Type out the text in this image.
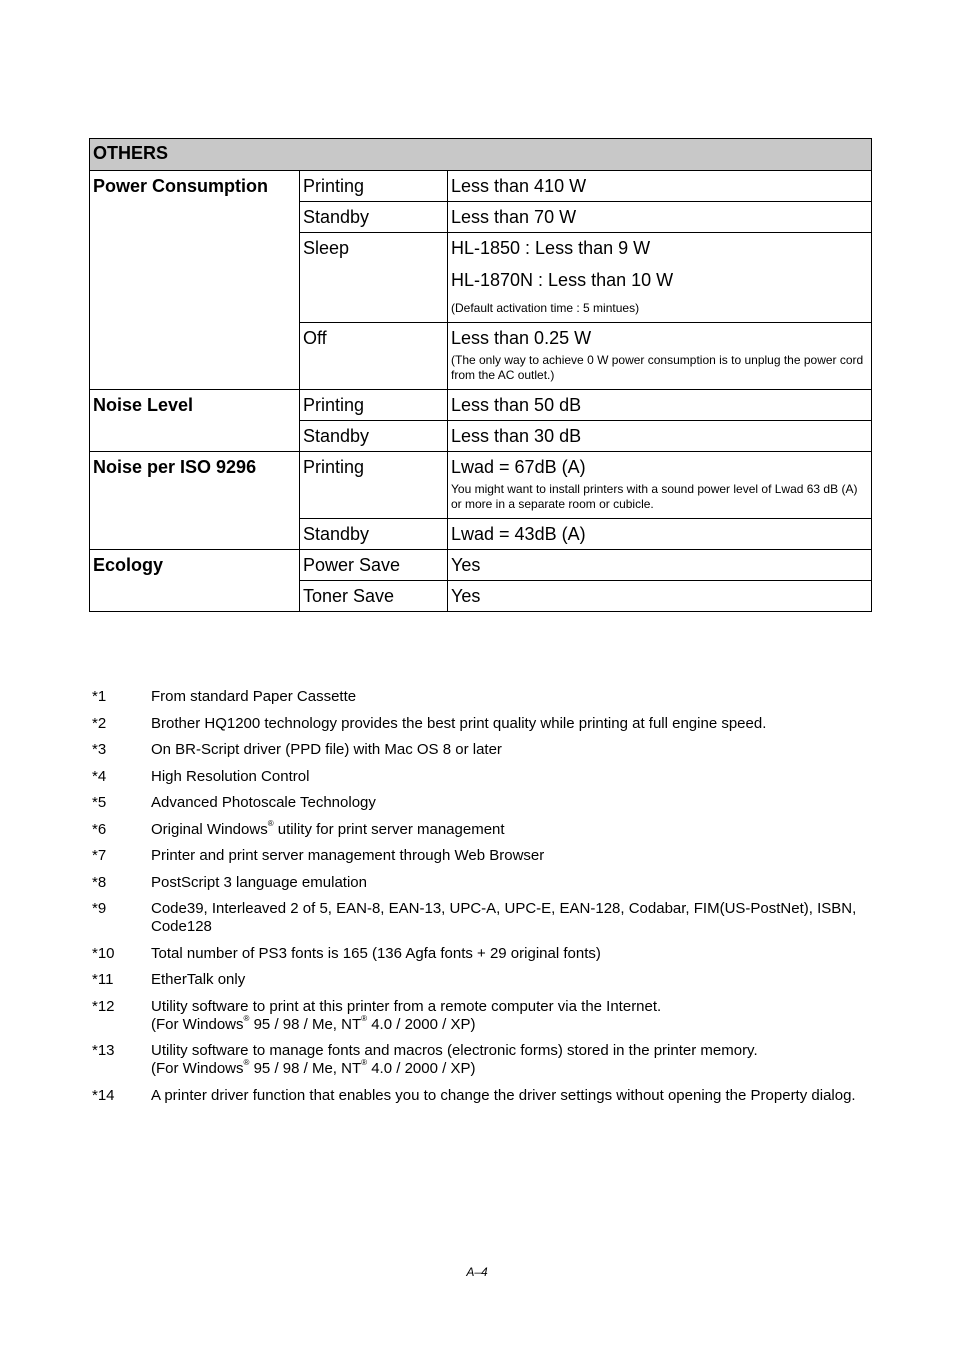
OTHERS		

Power Consumption	Printing	Less than 410 W

	Standby	Less than 70 W

	Sleep	HL-1850 : Less than 9 W
HL-1870N : Less than 10 W
(Default activation time : 5 mintues)

	Off	Less than 0.25 W
(The only way to achieve 0 W power consumption is to unplug the power cord from the AC outlet.)

Noise Level	Printing	Less than 50 dB

	Standby	Less than 30 dB

Noise per ISO 9296	Printing	Lwad = 67dB (A)
You might want to install printers with a sound power level of Lwad 63 dB (A) or more in a separate room or cubicle.

	Standby	Lwad = 43dB (A)

Ecology	Power Save	Yes

	Toner Save	Yes
*1	From standard Paper Cassette
*2	Brother HQ1200 technology provides the best print quality while printing at full engine speed.
*3	On BR-Script driver (PPD file) with Mac OS 8 or later
*4	High Resolution Control
*5	Advanced Photoscale Technology
*6	Original Windows® utility for print server management
*7	Printer and print server management through Web Browser
*8	PostScript 3 language emulation
*9	Code39, Interleaved 2 of 5, EAN-8, EAN-13, UPC-A, UPC-E, EAN-128, Codabar, FIM(US-PostNet), ISBN, Code128
*10	Total number of PS3 fonts is 165 (136 Agfa fonts + 29 original fonts)
*11	EtherTalk only
*12	Utility software to print at this printer from a remote computer via the Internet.
(For Windows® 95 / 98 / Me, NT® 4.0 / 2000 / XP)
*13	Utility software to manage fonts and macros (electronic forms) stored in the printer memory.
(For Windows® 95 / 98 / Me, NT® 4.0 / 2000 / XP)
*14	A printer driver function that enables you to change the driver settings without opening the Property dialog.
A–4
